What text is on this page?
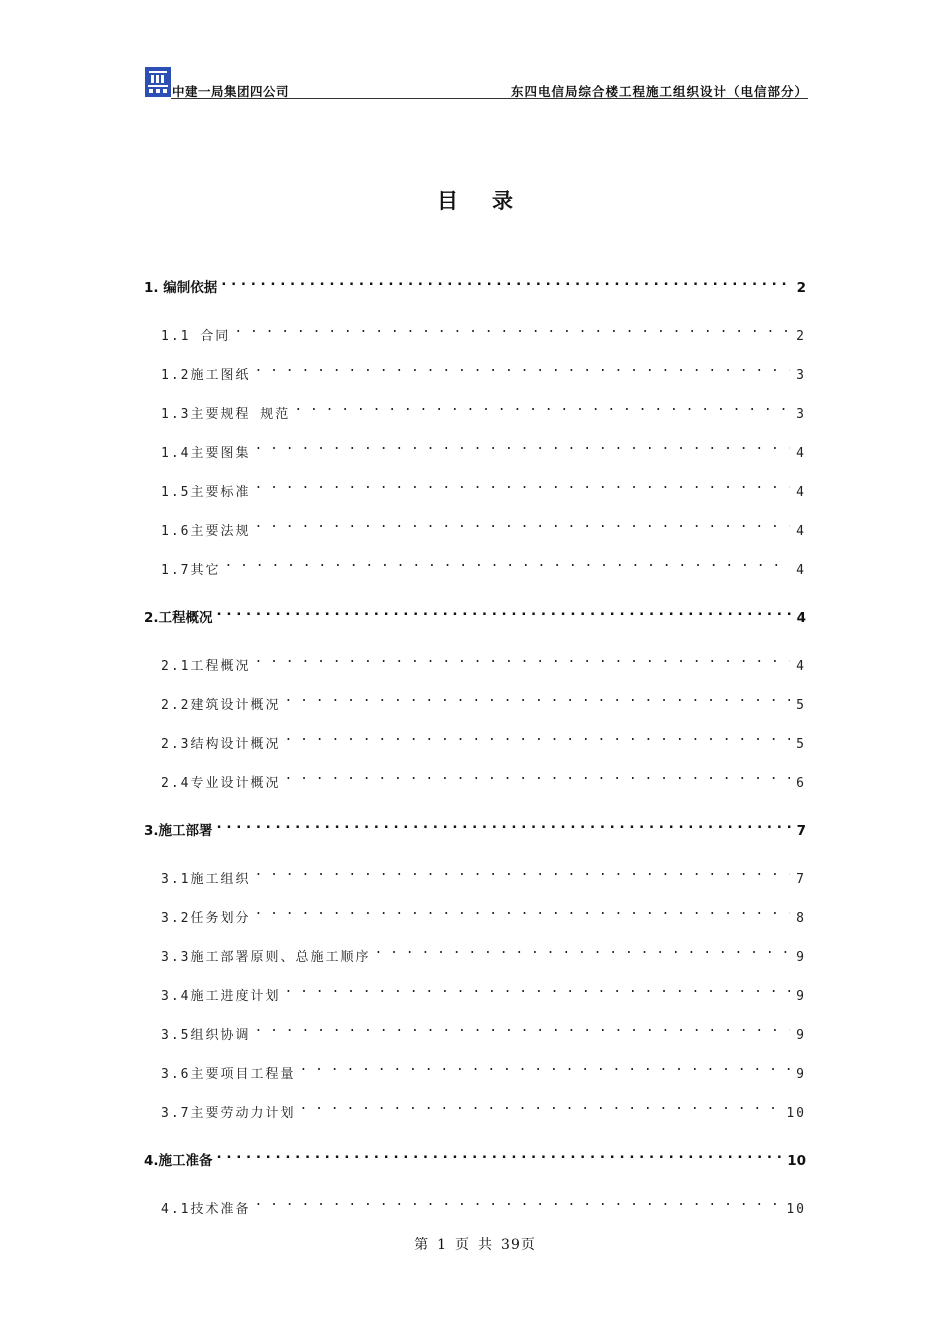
中建一局集团四公司	东四电信局综合楼工程施工组织设计（电信部分）
目录
1. 编制依据 . . .	2
1.1 合同 . . .	2
1.2施工图纸 . . .	3
1.3主要规程 规范 . . .	3
1.4主要图集 . . .	4
1.5主要标准 . . .	4
1.6主要法规 . . .	4
1.7其它 . . .	4
2.工程概况 . . .	4
2.1工程概况 . . .	4
2.2建筑设计概况 . . .	5
2.3结构设计概况 . . .	5
2.4专业设计概况 . . .	6
3.施工部署 . . .	7
3.1施工组织 . . .	7
3.2任务划分 . . .	8
3.3施工部署原则、总施工顺序 . . .	9
3.4施工进度计划 . . .	9
3.5组织协调 . . .	9
3.6主要项目工程量 . . .	9
3.7主要劳动力计划 . . .	10
4.施工准备 . . .	10
4.1技术准备 . . .	10
第 1 页 共 39页
